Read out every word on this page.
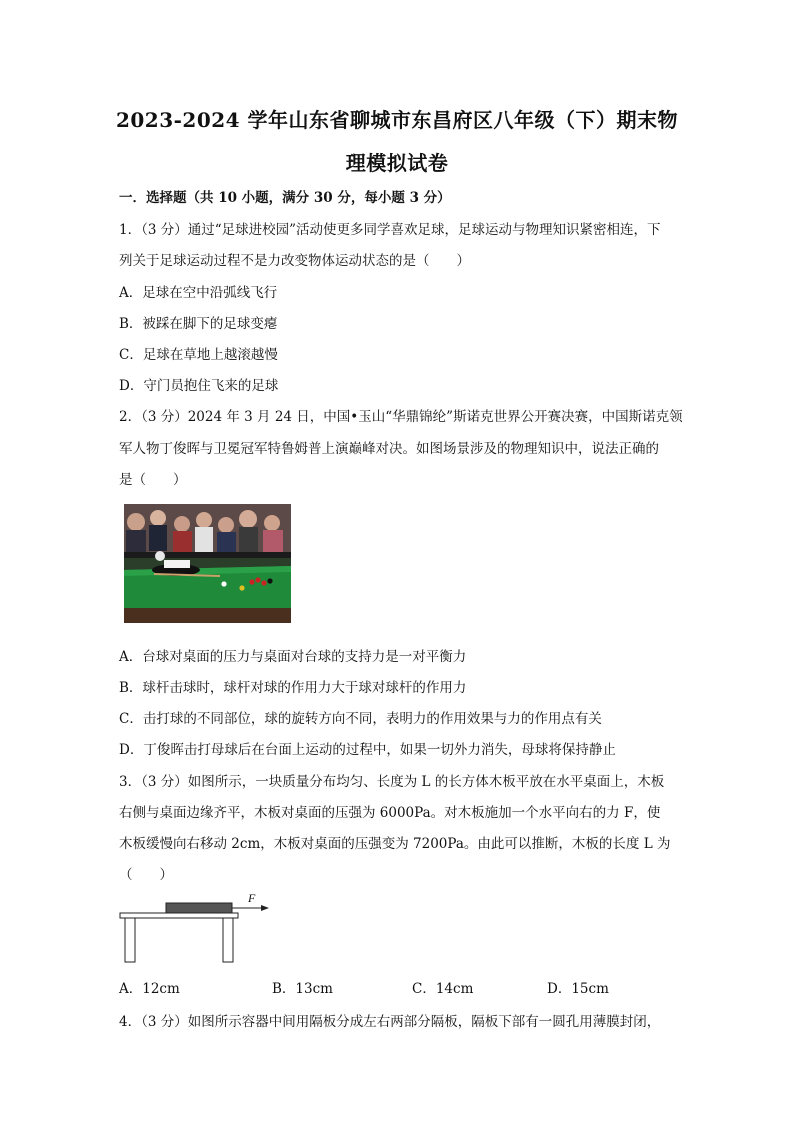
2023-2024 学年山东省聊城市东昌府区八年级（下）期末物
理模拟试卷
一．选择题（共 10 小题，满分 30 分，每小题 3 分）
1．（3 分）通过“足球进校园”活动使更多同学喜欢足球，足球运动与物理知识紧密相连，下
列关于足球运动过程不是力改变物体运动状态的是（　　）
A．足球在空中沿弧线飞行
B．被踩在脚下的足球变瘪
C．足球在草地上越滚越慢
D．守门员抱住飞来的足球
2．（3 分）2024 年 3 月 24 日，中国•玉山“华鼎锦纶”斯诺克世界公开赛决赛，中国斯诺克领
军人物丁俊晖与卫冕冠军特鲁姆普上演巅峰对决。如图场景涉及的物理知识中，说法正确的
是（　　）
A．台球对桌面的压力与桌面对台球的支持力是一对平衡力
B．球杆击球时，球杆对球的作用力大于球对球杆的作用力
C．击打球的不同部位，球的旋转方向不同，表明力的作用效果与力的作用点有关
D．丁俊晖击打母球后在台面上运动的过程中，如果一切外力消失，母球将保持静止
3．（3 分）如图所示，一块质量分布均匀、长度为 L 的长方体木板平放在水平桌面上，木板
右侧与桌面边缘齐平，木板对桌面的压强为 6000Pa。对木板施加一个水平向右的力 F，使
木板缓慢向右移动 2cm，木板对桌面的压强变为 7200Pa。由此可以推断，木板的长度 L 为
（　　）
F
A．12cm	B．13cm	C．14cm	D．15cm
4．（3 分）如图所示容器中间用隔板分成左右两部分隔板，隔板下部有一圆孔用薄膜封闭，
